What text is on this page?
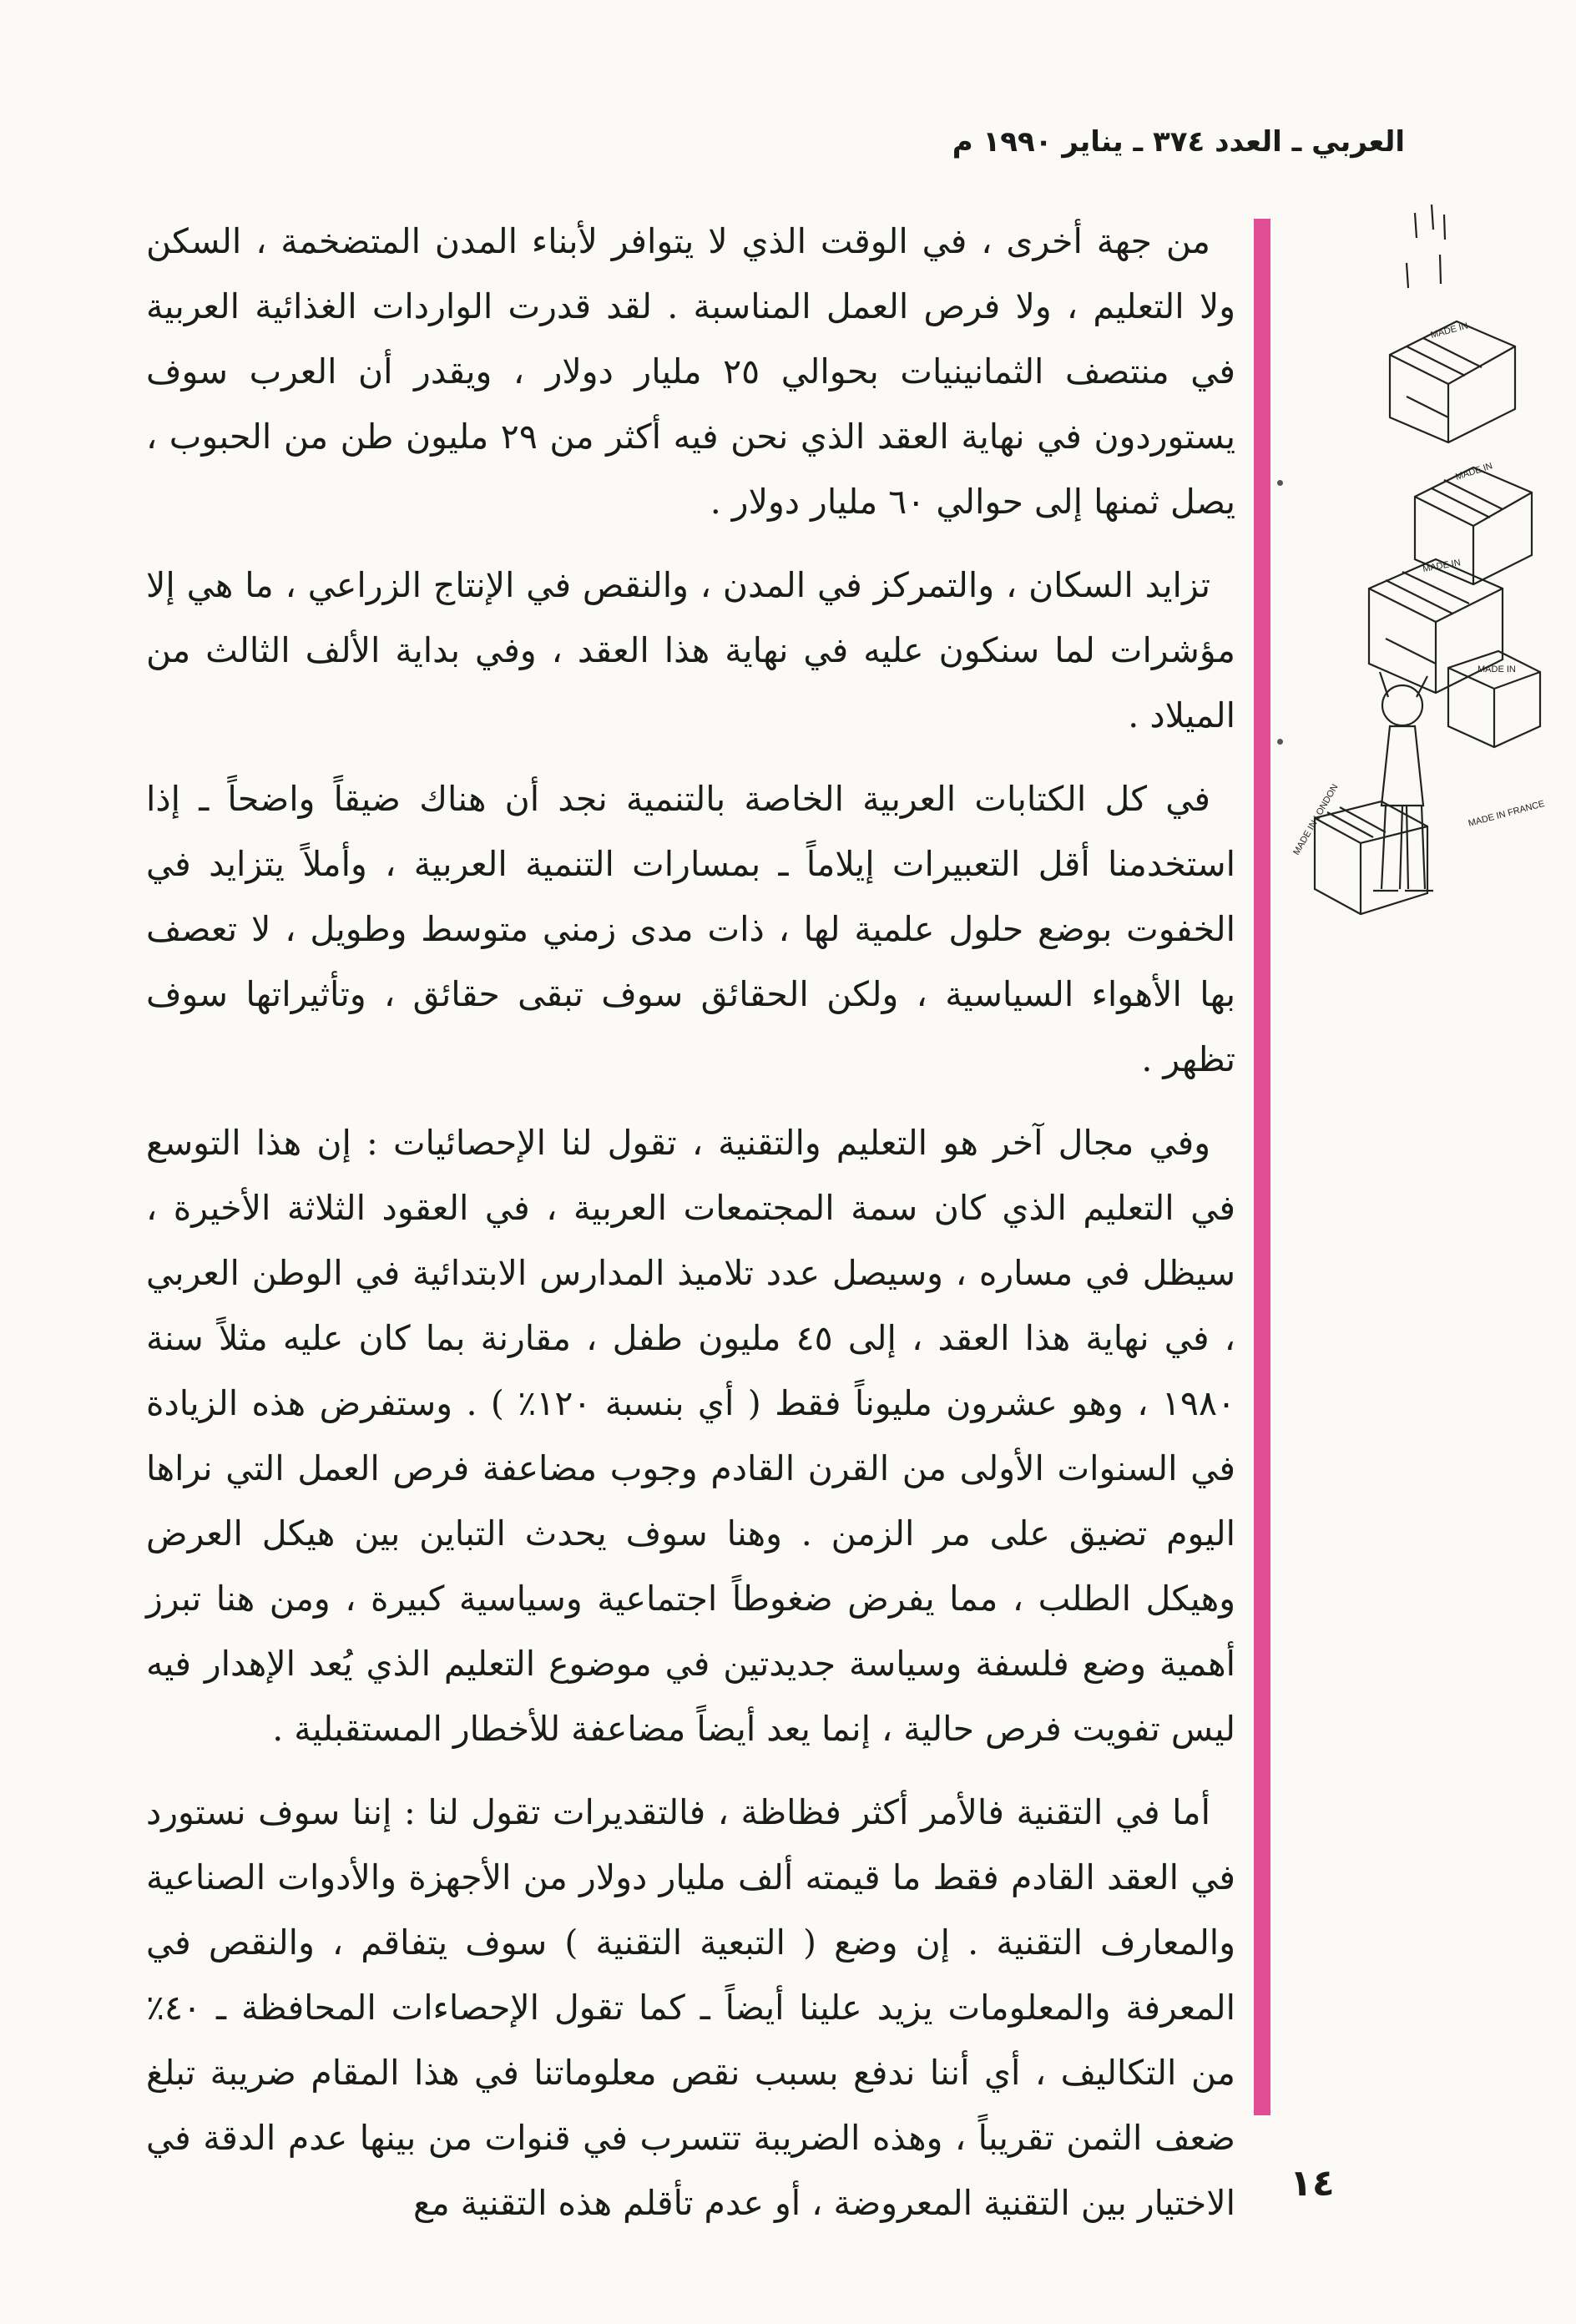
العربي ـ العدد ٣٧٤ ـ يناير ١٩٩٠ م
MADE IN
MADE IN
MADE IN
MADE IN
MADE IN LONDON	MADE IN FRANCE

من جهة أخرى ، في الوقت الذي لا يتوافر لأبناء المدن المتضخمة ، السكن ولا التعليم ، ولا فرص العمل المناسبة . لقد قدرت الواردات الغذائية العربية في منتصف الثمانينيات بحوالي ٢٥ مليار دولار ، ويقدر أن العرب سوف يستوردون في نهاية العقد الذي نحن فيه أكثر من ٢٩ مليون طن من الحبوب ، يصل ثمنها إلى حوالي ٦٠ مليار دولار .

تزايد السكان ، والتمركز في المدن ، والنقص في الإنتاج الزراعي ، ما هي إلا مؤشرات لما سنكون عليه في نهاية هذا العقد ، وفي بداية الألف الثالث من الميلاد .

في كل الكتابات العربية الخاصة بالتنمية نجد أن هناك ضيقاً واضحاً ـ إذا استخدمنا أقل التعبيرات إيلاماً ـ بمسارات التنمية العربية ، وأملاً يتزايد في الخفوت بوضع حلول علمية لها ، ذات مدى زمني متوسط وطويل ، لا تعصف بها الأهواء السياسية ، ولكن الحقائق سوف تبقى حقائق ، وتأثيراتها سوف تظهر .

وفي مجال آخر هو التعليم والتقنية ، تقول لنا الإحصائيات : إن هذا التوسع في التعليم الذي كان سمة المجتمعات العربية ، في العقود الثلاثة الأخيرة ، سيظل في مساره ، وسيصل عدد تلاميذ المدارس الابتدائية في الوطن العربي ، في نهاية هذا العقد ، إلى ٤٥ مليون طفل ، مقارنة بما كان عليه مثلاً سنة ١٩٨٠ ، وهو عشرون مليوناً فقط ( أي بنسبة ١٢٠٪ ) . وستفرض هذه الزيادة في السنوات الأولى من القرن القادم وجوب مضاعفة فرص العمل التي نراها اليوم تضيق على مر الزمن . وهنا سوف يحدث التباين بين هيكل العرض وهيكل الطلب ، مما يفرض ضغوطاً اجتماعية وسياسية كبيرة ، ومن هنا تبرز أهمية وضع فلسفة وسياسة جديدتين في موضوع التعليم الذي يُعد الإهدار فيه ليس تفويت فرص حالية ، إنما يعد أيضاً مضاعفة للأخطار المستقبلية .

أما في التقنية فالأمر أكثر فظاظة ، فالتقديرات تقول لنا : إننا سوف نستورد في العقد القادم فقط ما قيمته ألف مليار دولار من الأجهزة والأدوات الصناعية والمعارف التقنية . إن وضع ( التبعية التقنية ) سوف يتفاقم ، والنقص في المعرفة والمعلومات يزيد علينا أيضاً ـ كما تقول الإحصاءات المحافظة ـ ٤٠٪ من التكاليف ، أي أننا ندفع بسبب نقص معلوماتنا في هذا المقام ضريبة تبلغ ضعف الثمن تقريباً ، وهذه الضريبة تتسرب في قنوات من بينها عدم الدقة في الاختيار بين التقنية المعروضة ، أو عدم تأقلم هذه التقنية مع ١٤
